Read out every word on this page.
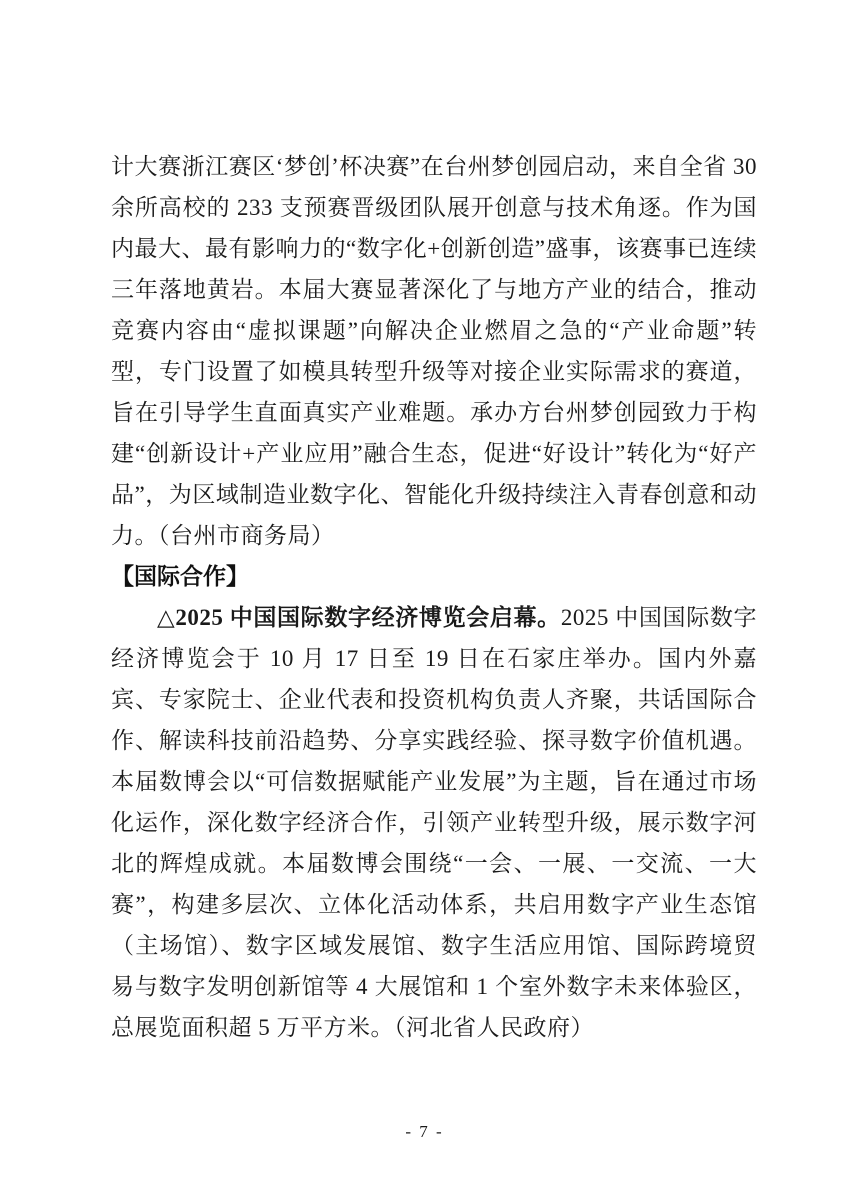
计大赛浙江赛区‘梦创’杯决赛”在台州梦创园启动，来自全省 30 余所高校的 233 支预赛晋级团队展开创意与技术角逐。作为国内最大、最有影响力的“数字化+创新创造”盛事，该赛事已连续三年落地黄岩。本届大赛显著深化了与地方产业的结合，推动竞赛内容由“虚拟课题”向解决企业燃眉之急的“产业命题”转型，专门设置了如模具转型升级等对接企业实际需求的赛道，旨在引导学生直面真实产业难题。承办方台州梦创园致力于构建“创新设计+产业应用”融合生态，促进“好设计”转化为“好产品”，为区域制造业数字化、智能化升级持续注入青春创意和动力。（台州市商务局）

【国际合作】

△2025 中国国际数字经济博览会启幕。2025 中国国际数字经济博览会于 10 月 17 日至 19 日在石家庄举办。国内外嘉宾、专家院士、企业代表和投资机构负责人齐聚，共话国际合作、解读科技前沿趋势、分享实践经验、探寻数字价值机遇。本届数博会以“可信数据赋能产业发展”为主题，旨在通过市场化运作，深化数字经济合作，引领产业转型升级，展示数字河北的辉煌成就。本届数博会围绕“一会、一展、一交流、一大赛”，构建多层次、立体化活动体系，共启用数字产业生态馆（主场馆）、数字区域发展馆、数字生活应用馆、国际跨境贸易与数字发明创新馆等 4 大展馆和 1 个室外数字未来体验区，总展览面积超 5 万平方米。（河北省人民政府）

- 7 -
